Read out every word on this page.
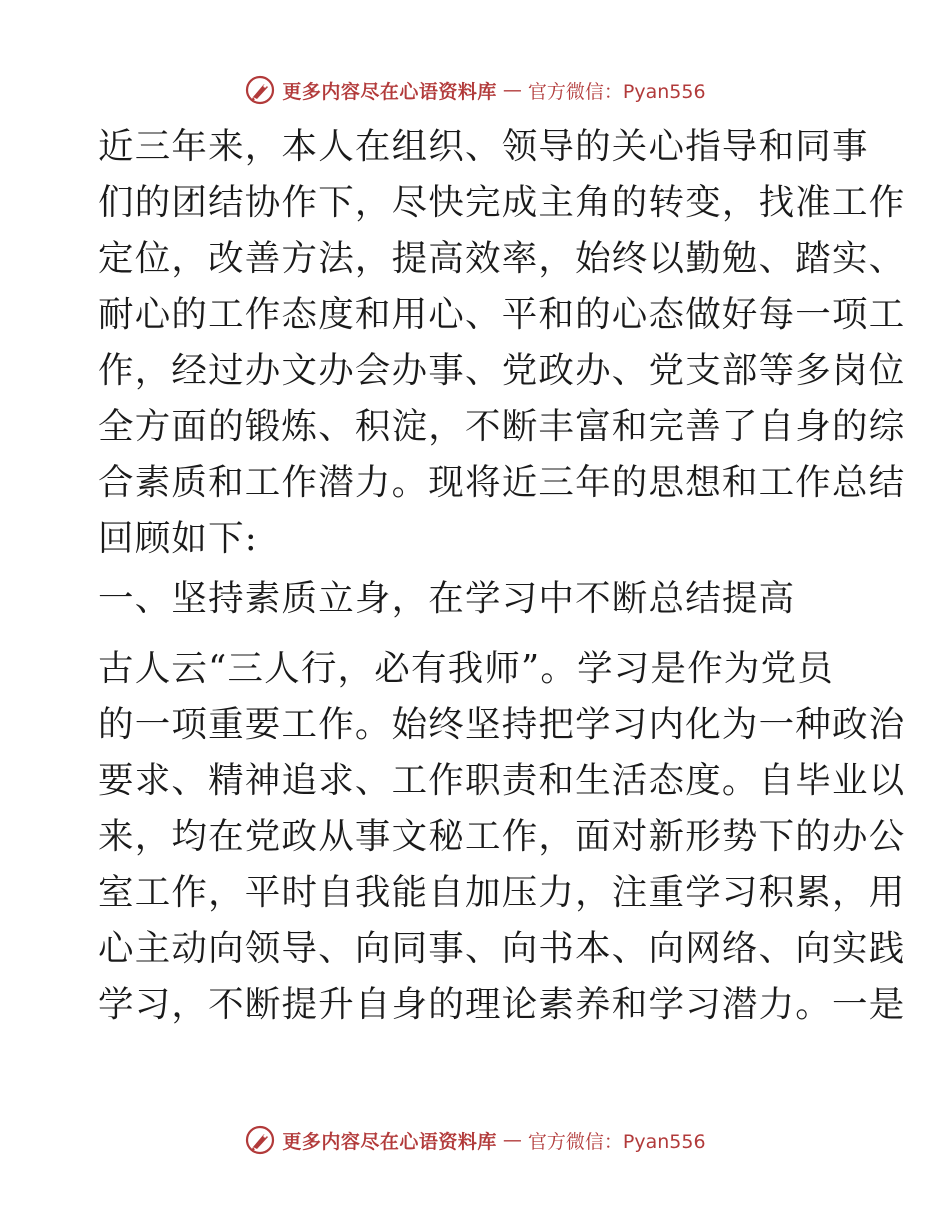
更多内容尽在心语资料库 — 官方微信：Pyan556
近三年来，本人在组织、领导的关心指导和同事
们的团结协作下，尽快完成主角的转变，找准工作
定位，改善方法，提高效率，始终以勤勉、踏实、
耐心的工作态度和用心、平和的心态做好每一项工
作，经过办文办会办事、党政办、党支部等多岗位
全方面的锻炼、积淀，不断丰富和完善了自身的综
合素质和工作潜力。现将近三年的思想和工作总结
回顾如下:
一、坚持素质立身，在学习中不断总结提高
古人云“三人行，必有我师”。学习是作为党员
的一项重要工作。始终坚持把学习内化为一种政治
要求、精神追求、工作职责和生活态度。自毕业以
来，均在党政从事文秘工作，面对新形势下的办公
室工作，平时自我能自加压力，注重学习积累，用
心主动向领导、向同事、向书本、向网络、向实践
学习，不断提升自身的理论素养和学习潜力。一是
更多内容尽在心语资料库 — 官方微信：Pyan556
